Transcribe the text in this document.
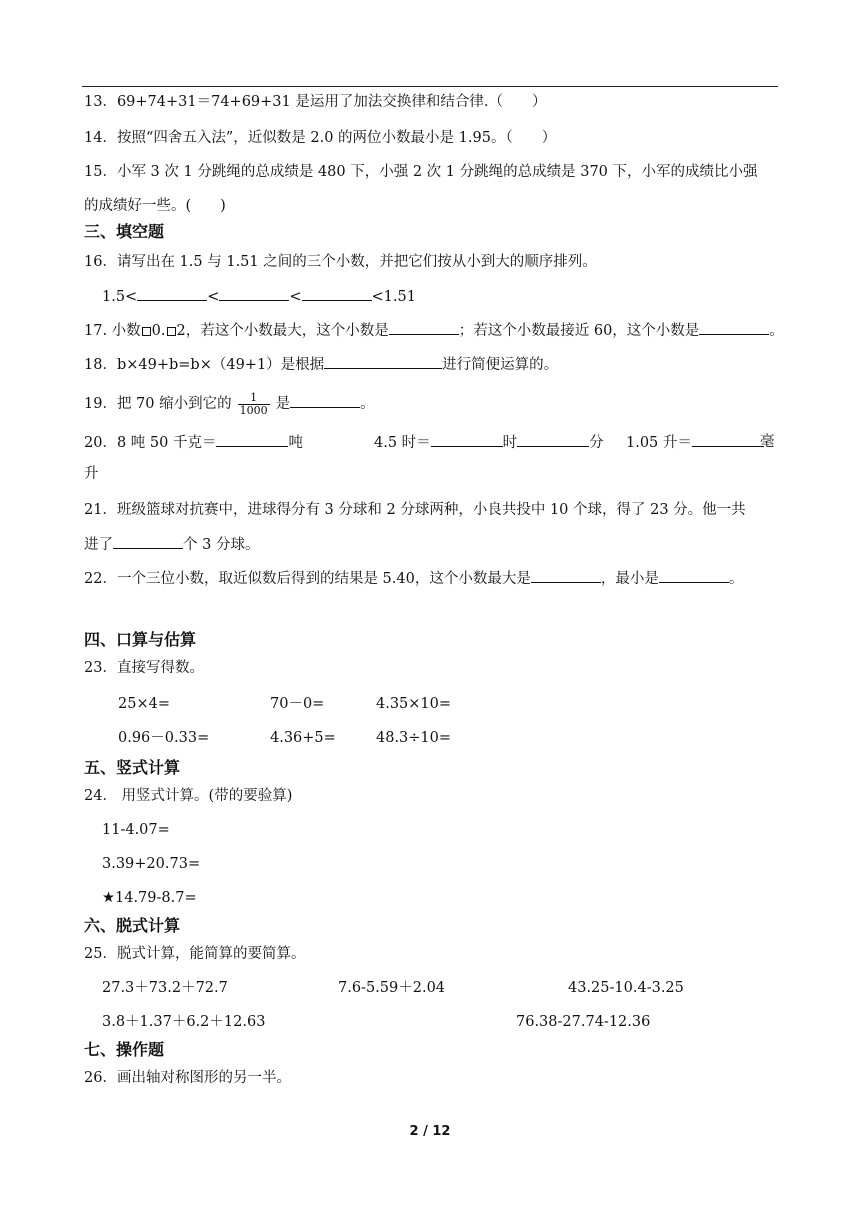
13．69+74+31＝74+69+31 是运用了加法交换律和结合律.（　　）
14．按照“四舍五入法”，近似数是 2.0 的两位小数最小是 1.95。（　　）
15．小军 3 次 1 分跳绳的总成绩是 480 下，小强 2 次 1 分跳绳的总成绩是 370 下，小军的成绩比小强
的成绩好一些。(　　)
三、填空题
16．请写出在 1.5 与 1.51 之间的三个小数，并把它们按从小到大的顺序排列。
1.5<	<	<	<1.51
17. 小数 0. 2，若这个小数最大，这个小数是	；若这个小数最接近 60，这个小数是	。
18．b×49+b=b×（49+1）是根据	进行简便运算的。
19．把 70 缩小到它的 $\frac{1}{1000}$ 是	。
20．8 吨 50 千克＝	吨	4.5 时＝	时	分 1.05 升＝	毫
升
21．班级篮球对抗赛中，进球得分有 3 分球和 2 分球两种，小良共投中 10 个球，得了 23 分。他一共
进了	个 3 分球。
22．一个三位小数，取近似数后得到的结果是 5.40，这个小数最大是	，最小是	。
四、口算与估算
23．直接写得数。
25×4=	70－0=	4.35×10=
0.96－0.33=	4.36+5=	48.3÷10=
五、竖式计算
24． 用竖式计算。(带的要验算)
11-4.07=
3.39+20.73=
★14.79-8.7=
六、脱式计算
25．脱式计算，能简算的要简算。
27.3＋73.2＋72.7	7.6-5.59＋2.04	43.25-10.4-3.25
3.8＋1.37＋6.2＋12.63	76.38-27.74-12.36
七、操作题
26．画出轴对称图形的另一半。
2 / 12
